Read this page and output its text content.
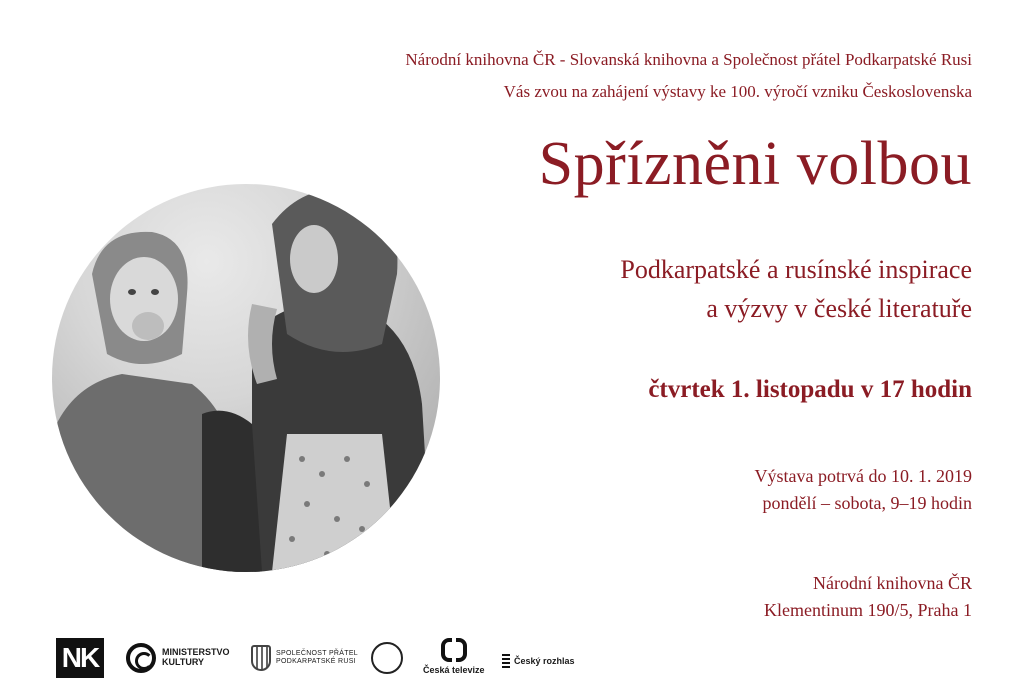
Národní knihovna ČR - Slovanská knihovna a Společnost přátel Podkarpatské Rusi
Vás zvou na zahájení výstavy ke 100. výročí vzniku Československa
Spřízněni volbou
Podkarpatské a rusínské inspirace
a výzvy v české literatuře
čtvrtek 1. listopadu v 17 hodin
Výstava potrvá do 10. 1. 2019
pondělí – sobota, 9–19 hodin
Národní knihovna ČR
Klementinum 190/5, Praha 1
NK	MINISTERSTVO
KULTURY
SPOLEČNOST PŘÁTEL
PODKARPATSKÉ RUSI
Česká televize
Český rozhlas
